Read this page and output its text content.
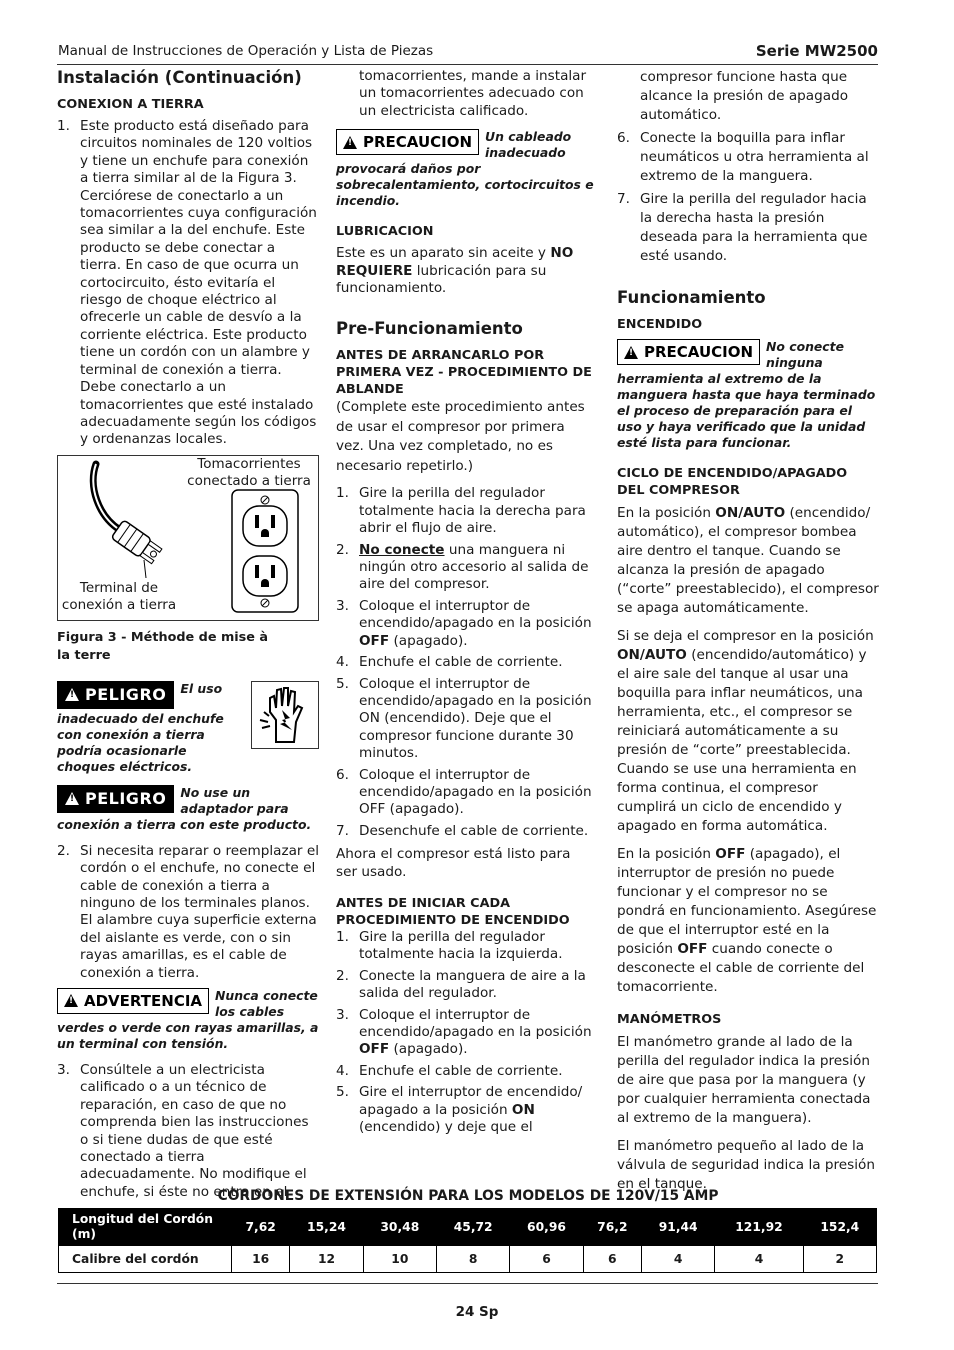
Manual de Instrucciones de Operación y Lista de Piezas	Serie MW2500
Instalación (Continuación)
CONEXION A TIERRA
1. Este producto está diseñado para circuitos nominales de 120 voltios y tiene un enchufe para conexión a tierra similar al de la Figura 3. Cerciórese de conectarlo a un tomacorrientes cuya configuración sea similar a la del enchufe. Este producto se debe conectar a tierra. En caso de que ocurra un cortocircuito, ésto evitaría el riesgo de choque eléctrico al ofrecerle un cable de desvío a la corriente eléctrica. Este producto tiene un cordón con un alambre y terminal de conexión a tierra. Debe conectarlo a un tomacorrientes que esté instalado adecuadamente según los códigos y ordenanzas locales.
Tomacorrientes conectado a tierra
Terminal de conexión a tierra
Figura 3 - Méthode de mise à la terre
! PELIGRO El uso inadecuado del enchufe con conexión a tierra podría ocasionarle choques eléctricos.
! PELIGRO No use un adaptador para conexión a tierra con este producto.
2. Si necesita reparar o reemplazar el cordón o el enchufe, no conecte el cable de conexión a tierra a ninguno de los terminales planos. El alambre cuya superficie externa del aislante es verde, con o sin rayas amarillas, es el cable de conexión a tierra.
! ADVERTENCIA Nunca conecte los cables verdes o verde con rayas amarillas, a un terminal con tensión.
3. Consúltele a un electricista calificado o a un técnico de reparación, en caso de que no comprenda bien las instrucciones o si tiene dudas de que esté conectado a tierra adecuadamente. No modifique el enchufe, si éste no entra en el

tomacorrientes, mande a instalar un tomacorrientes adecuado con un electricista calificado.

! PRECAUCION Un cableado inadecuado provocará daños por sobrecalentamiento, cortocircuitos e incendio.
LUBRICACION

Este es un aparato sin aceite y NO REQUIERE lubricación para su funcionamiento.

Pre-Funcionamiento
ANTES DE ARRANCARLO POR PRIMERA VEZ - PROCEDIMIENTO DE ABLANDE

(Complete este procedimiento antes de usar el compresor por primera vez. Una vez completado, no es necesario repetirlo.)

1. Gire la perilla del regulador totalmente hacia la derecha para abrir el flujo de aire.
2. No conecte una manguera ni ningún otro accesorio al salida de aire del compresor.
3. Coloque el interruptor de encendido/apagado en la posición OFF (apagado).
4. Enchufe el cable de corriente.
5. Coloque el interruptor de encendido/apagado en la posición ON (encendido). Deje que el compresor funcione durante 30 minutos.
6. Coloque el interruptor de encendido/apagado en la posición OFF (apagado).
7. Desenchufe el cable de corriente.

Ahora el compresor está listo para ser usado.

ANTES DE INICIAR CADA PROCEDIMIENTO DE ENCENDIDO
1. Gire la perilla del regulador totalmente hacia la izquierda.
2. Conecte la manguera de aire a la salida del regulador.
3. Coloque el interruptor de encendido/apagado en la posición OFF (apagado).
4. Enchufe el cable de corriente.
5. Gire el interruptor de encendido/ apagado a la posición ON (encendido) y deje que el

compresor funcione hasta que alcance la presión de apagado automático.

6. Conecte la boquilla para inflar neumáticos u otra herramienta al extremo de la manguera.
7. Gire la perilla del regulador hacia la derecha hasta la presión deseada para la herramienta que esté usando.
Funcionamiento
ENCENDIDO
! PRECAUCION No conecte ninguna herramienta al extremo de la manguera hasta que haya terminado el proceso de preparación para el uso y haya verificado que la unidad esté lista para funcionar.
CICLO DE ENCENDIDO/APAGADO DEL COMPRESOR

En la posición ON/AUTO (encendido/ automático), el compresor bombea aire dentro el tanque. Cuando se alcanza la presión de apagado (“corte” preestablecido), el compresor se apaga automáticamente.

Si se deja el compresor en la posición ON/AUTO (encendido/automático) y el aire sale del tanque al usar una boquilla para inflar neumáticos, una herramienta, etc., el compresor se reiniciará automáticamente a su presión de “corte” preestablecida. Cuando se use una herramienta en forma continua, el compresor cumplirá un ciclo de encendido y apagado en forma automática.

En la posición OFF (apagado), el interruptor de presión no puede funcionar y el compresor no se pondrá en funcionamiento. Asegúrese de que el interruptor esté en la posición OFF cuando conecte o desconecte el cable de corriente del tomacorriente.

MANÓMETROS

El manómetro grande al lado de la perilla del regulador indica la presión de aire que pasa por la manguera (y por cualquier herramienta conectada al extremo de la manguera).

El manómetro pequeño al lado de la válvula de seguridad indica la presión en el tanque.

CORDONES DE EXTENSIÓN PARA LOS MODELOS DE 120V/15 AMP
Longitud del Cordón (m)	7,62	15,24	30,48	45,72	60,96	76,2	91,44	121,92	152,4
Calibre del cordón	16	12	10	8	6	6	4	4	2
24 Sp
